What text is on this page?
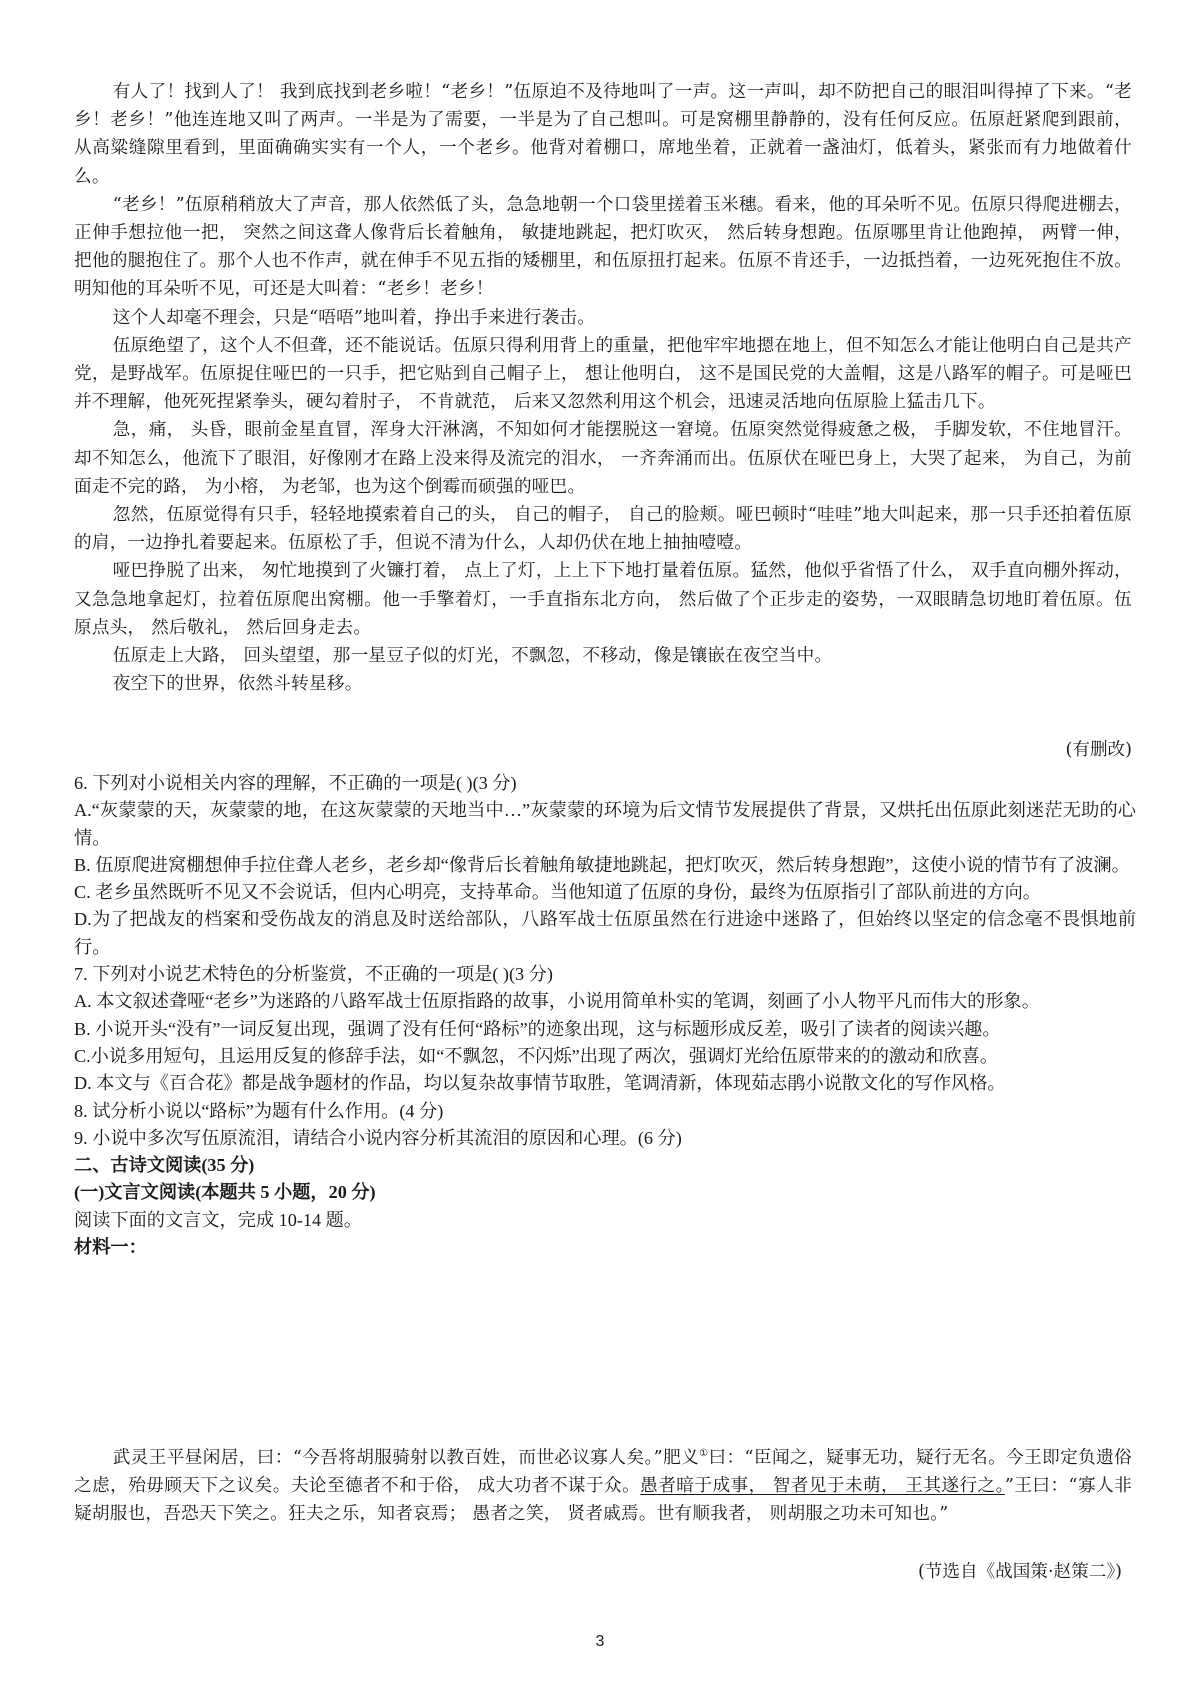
有人了！找到人了！ 我到底找到老乡啦！“老乡！”伍原迫不及待地叫了一声。这一声叫，却不防把自己的眼泪叫得掉了下来。“老乡！老乡！”他连连地又叫了两声。一半是为了需要，一半是为了自己想叫。可是窝棚里静静的，没有任何反应。伍原赶紧爬到跟前，从高粱缝隙里看到，里面确确实实有一个人，一个老乡。他背对着棚口，席地坐着，正就着一盏油灯，低着头，紧张而有力地做着什么。

“老乡！”伍原稍稍放大了声音，那人依然低了头，急急地朝一个口袋里搓着玉米穗。看来，他的耳朵听不见。伍原只得爬进棚去，正伸手想拉他一把， 突然之间这聋人像背后长着触角， 敏捷地跳起，把灯吹灭， 然后转身想跑。伍原哪里肯让他跑掉， 两臂一伸，把他的腿抱住了。那个人也不作声，就在伸手不见五指的矮棚里，和伍原扭打起来。伍原不肯还手，一边抵挡着，一边死死抱住不放。明知他的耳朵听不见，可还是大叫着：“老乡！老乡！

这个人却毫不理会，只是“唔唔”地叫着，挣出手来进行袭击。

伍原绝望了，这个人不但聋，还不能说话。伍原只得利用背上的重量，把他牢牢地摁在地上，但不知怎么才能让他明白自己是共产党，是野战军。伍原捉住哑巴的一只手，把它贴到自己帽子上， 想让他明白， 这不是国民党的大盖帽，这是八路军的帽子。可是哑巴并不理解，他死死捏紧拳头，硬勾着肘子， 不肯就范， 后来又忽然利用这个机会，迅速灵活地向伍原脸上猛击几下。

急，痛， 头昏，眼前金星直冒，浑身大汗淋漓，不知如何才能摆脱这一窘境。伍原突然觉得疲惫之极， 手脚发软，不住地冒汗。却不知怎么，他流下了眼泪，好像刚才在路上没来得及流完的泪水， 一齐奔涌而出。伍原伏在哑巴身上，大哭了起来， 为自己，为前面走不完的路， 为小榕， 为老邹，也为这个倒霉而硕强的哑巴。

忽然，伍原觉得有只手，轻轻地摸索着自己的头， 自己的帽子， 自己的脸颊。哑巴顿时“哇哇”地大叫起来，那一只手还拍着伍原的肩，一边挣扎着要起来。伍原松了手，但说不清为什么，人却仍伏在地上抽抽噎噎。

哑巴挣脱了出来， 匆忙地摸到了火镰打着， 点上了灯，上上下下地打量着伍原。猛然，他似乎省悟了什么， 双手直向棚外挥动， 又急急地拿起灯，拉着伍原爬出窝棚。他一手擎着灯，一手直指东北方向， 然后做了个正步走的姿势，一双眼睛急切地盯着伍原。伍原点头， 然后敬礼， 然后回身走去。

伍原走上大路， 回头望望，那一星豆子似的灯光，不飘忽，不移动，像是镶嵌在夜空当中。

夜空下的世界，依然斗转星移。

(有删改)

6. 下列对小说相关内容的理解，不正确的一项是( )(3 分)

A.“灰蒙蒙的天，灰蒙蒙的地，在这灰蒙蒙的天地当中…”灰蒙蒙的环境为后文情节发展提供了背景，又烘托出伍原此刻迷茫无助的心情。

B. 伍原爬进窝棚想伸手拉住聋人老乡，老乡却“像背后长着触角敏捷地跳起，把灯吹灭，然后转身想跑”，这使小说的情节有了波澜。

C. 老乡虽然既听不见又不会说话，但内心明亮，支持革命。当他知道了伍原的身份，最终为伍原指引了部队前进的方向。

D.为了把战友的档案和受伤战友的消息及时送给部队，八路军战士伍原虽然在行进途中迷路了，但始终以坚定的信念毫不畏惧地前行。

7. 下列对小说艺术特色的分析鉴赏，不正确的一项是( )(3 分)

A. 本文叙述聋哑“老乡”为迷路的八路军战士伍原指路的故事，小说用简单朴实的笔调，刻画了小人物平凡而伟大的形象。

B. 小说开头“没有”一词反复出现，强调了没有任何“路标”的迹象出现，这与标题形成反差，吸引了读者的阅读兴趣。

C.小说多用短句，且运用反复的修辞手法，如“不飘忽，不闪烁”出现了两次，强调灯光给伍原带来的的激动和欣喜。

D. 本文与《百合花》都是战争题材的作品，均以复杂故事情节取胜，笔调清新，体现茹志鹃小说散文化的写作风格。

8. 试分析小说以“路标”为题有什么作用。(4 分)

9. 小说中多次写伍原流泪，请结合小说内容分析其流泪的原因和心理。(6 分)

二、古诗文阅读(35 分)

(一)文言文阅读(本题共 5 小题，20 分)

阅读下面的文言文，完成 10-14 题。

材料一：

武灵王平昼闲居，曰：“今吾将胡服骑射以教百姓，而世必议寡人矣。”肥义①曰：“臣闻之，疑事无功，疑行无名。今王即定负遗俗之虑，殆毋顾天下之议矣。夫论至德者不和于俗， 成大功者不谋于众。愚者暗于成事， 智者见于未萌， 王其遂行之。”王曰：“寡人非疑胡服也，吾恐天下笑之。狂夫之乐，知者哀焉； 愚者之笑， 贤者戚焉。世有顺我者， 则胡服之功未可知也。”

(节选自《战国策·赵策二》)
3
